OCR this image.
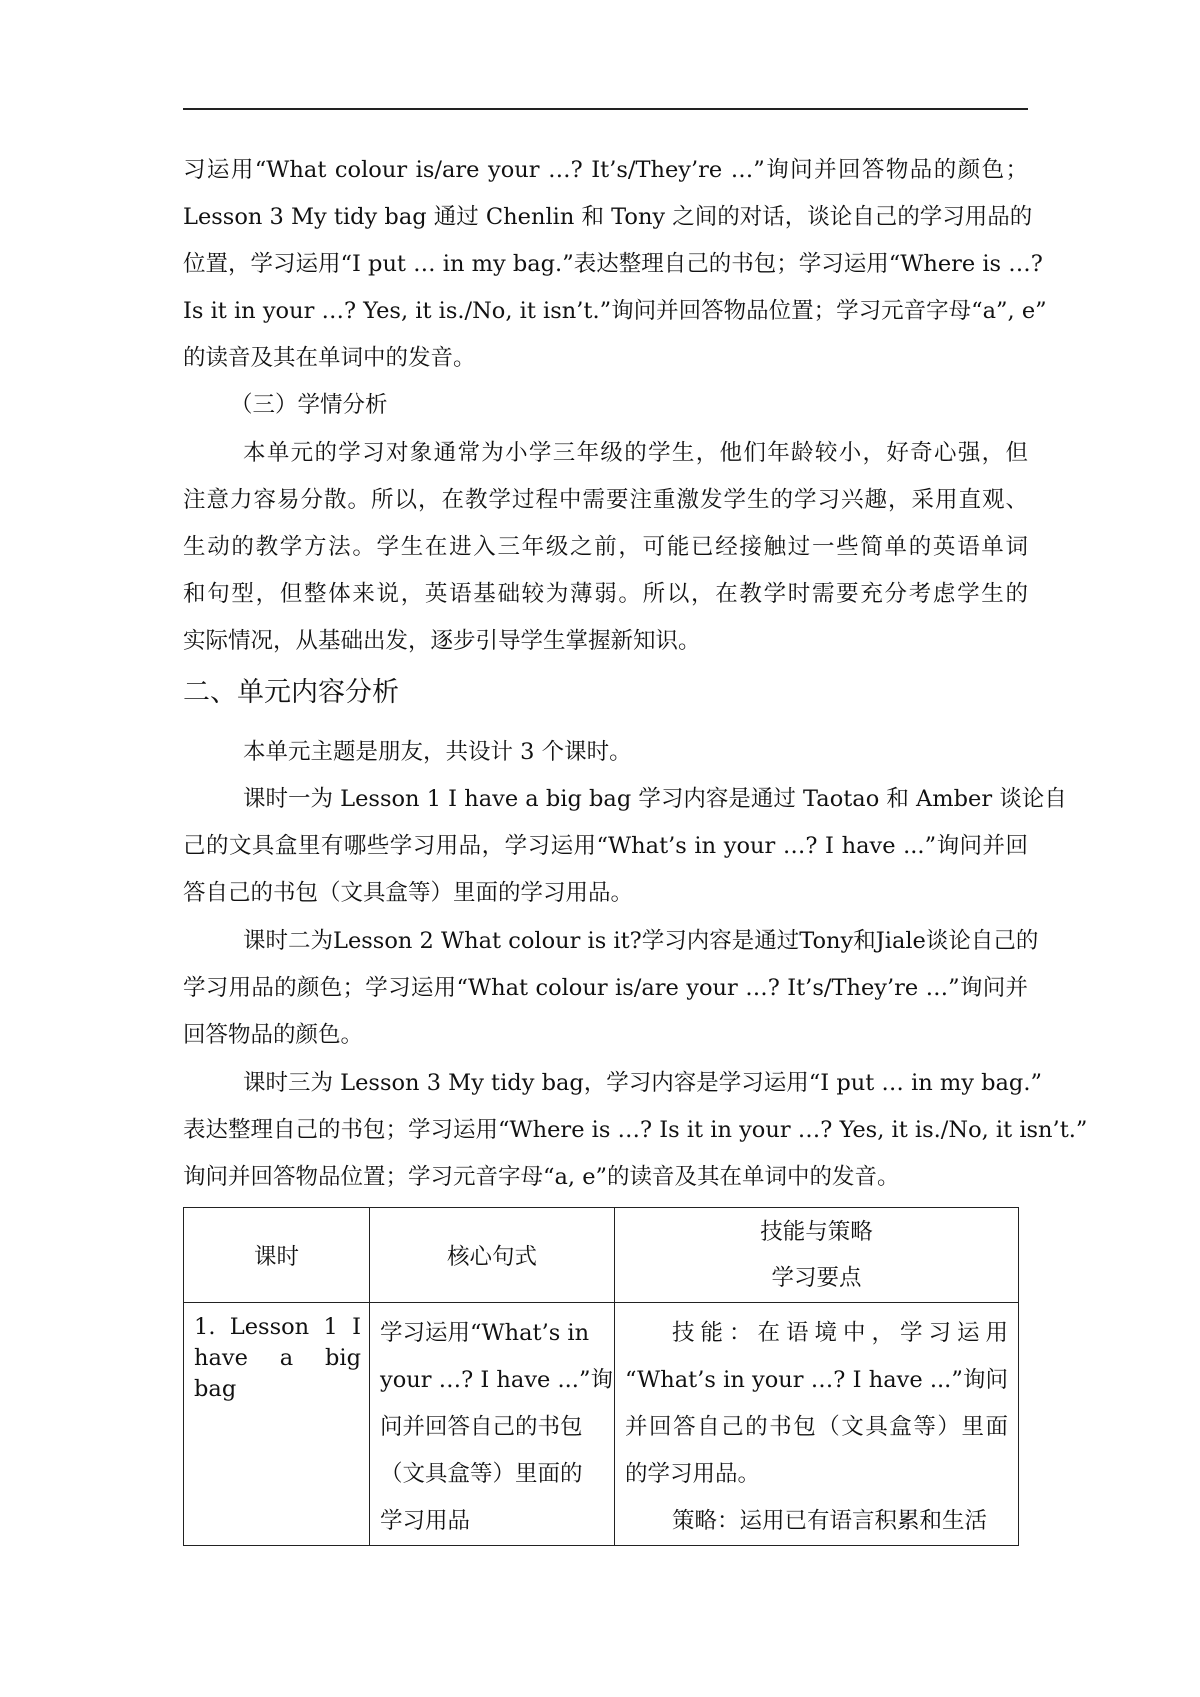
习运用“What colour is/are your …? It’s/They’re …”询问并回答物品的颜色；
Lesson 3 My tidy bag 通过 Chenlin 和 Tony 之间的对话，谈论自己的学习用品的
位置，学习运用“I put … in my bag.”表达整理自己的书包；学习运用“Where is …?
Is it in your …? Yes, it is./No, it isn’t.”询问并回答物品位置；学习元音字母“a”, e”
的读音及其在单词中的发音。
（三）学情分析
本单元的学习对象通常为小学三年级的学生，他们年龄较小，好奇心强，但
注意力容易分散。所以，在教学过程中需要注重激发学生的学习兴趣，采用直观、
生动的教学方法。学生在进入三年级之前，可能已经接触过一些简单的英语单词
和句型，但整体来说，英语基础较为薄弱。所以，在教学时需要充分考虑学生的
实际情况，从基础出发，逐步引导学生掌握新知识。
二、单元内容分析
本单元主题是朋友，共设计 3 个课时。
课时一为 Lesson 1 I have a big bag 学习内容是通过 Taotao 和 Amber 谈论自
己的文具盒里有哪些学习用品，学习运用“What’s in your …? I have ...”询问并回
答自己的书包（文具盒等）里面的学习用品。
课时二为Lesson 2 What colour is it?学习内容是通过Tony和Jiale谈论自己的
学习用品的颜色；学习运用“What colour is/are your …? It’s/They’re …”询问并
回答物品的颜色。
课时三为 Lesson 3 My tidy bag，学习内容是学习运用“I put … in my bag.”
表达整理自己的书包；学习运用“Where is …? Is it in your …? Yes, it is./No, it isn’t.”
询问并回答物品位置；学习元音字母“a, e”的读音及其在单词中的发音。
课时	核心句式	技能与策略
学习要点

1. Lesson 1 I have a big bag	学习运用“What’s in
your …? I have ...”询
问并回答自己的书包
（文具盒等）里面的
学习用品	技能：在语境中，学习运用
“What’s in your …? I have ...”询问
并回答自己的书包（文具盒等）里面
的学习用品。
策略：运用已有语言积累和生活
